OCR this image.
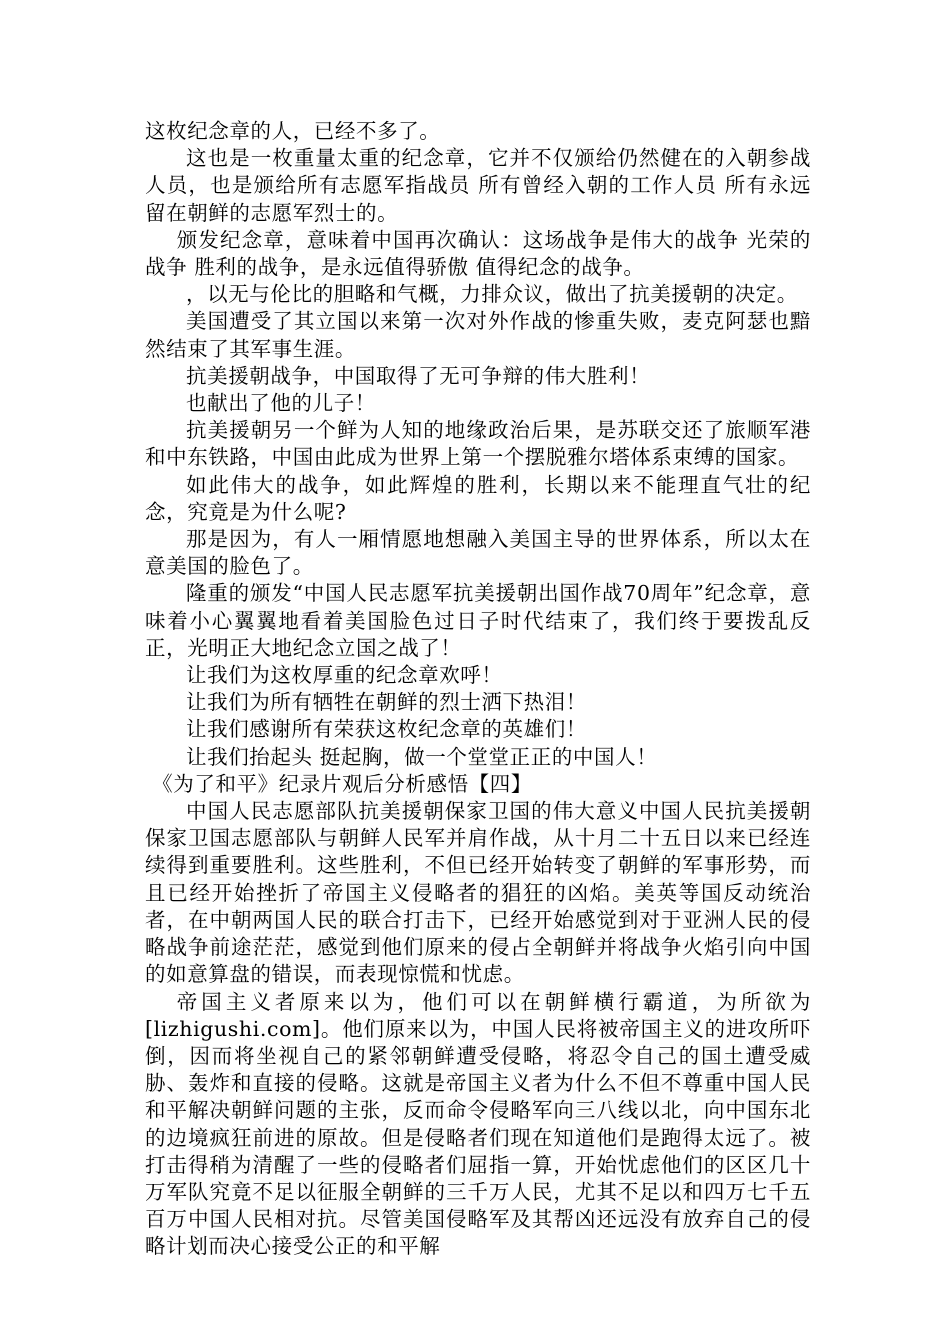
这枚纪念章的人，已经不多了。

这也是一枚重量太重的纪念章，它并不仅颁给仍然健在的入朝参战人员，也是颁给所有志愿军指战员 所有曾经入朝的工作人员 所有永远留在朝鲜的志愿军烈士的。

颁发纪念章，意味着中国再次确认：这场战争是伟大的战争 光荣的战争 胜利的战争，是永远值得骄傲 值得纪念的战争。

，以无与伦比的胆略和气概，力排众议，做出了抗美援朝的决定。

美国遭受了其立国以来第一次对外作战的惨重失败，麦克阿瑟也黯然结束了其军事生涯。

抗美援朝战争，中国取得了无可争辩的伟大胜利！

也献出了他的儿子！

抗美援朝另一个鲜为人知的地缘政治后果，是苏联交还了旅顺军港和中东铁路，中国由此成为世界上第一个摆脱雅尔塔体系束缚的国家。

如此伟大的战争，如此辉煌的胜利，长期以来不能理直气壮的纪念，究竟是为什么呢?

那是因为，有人一厢情愿地想融入美国主导的世界体系，所以太在意美国的脸色了。

隆重的颁发“中国人民志愿军抗美援朝出国作战70周年”纪念章，意味着小心翼翼地看着美国脸色过日子时代结束了，我们终于要拨乱反正，光明正大地纪念立国之战了！

让我们为这枚厚重的纪念章欢呼！

让我们为所有牺牲在朝鲜的烈士洒下热泪！

让我们感谢所有荣获这枚纪念章的英雄们！

让我们抬起头 挺起胸，做一个堂堂正正的中国人！

《为了和平》纪录片观后分析感悟【四】

中国人民志愿部队抗美援朝保家卫国的伟大意义中国人民抗美援朝保家卫国志愿部队与朝鲜人民军并肩作战，从十月二十五日以来已经连续得到重要胜利。这些胜利，不但已经开始转变了朝鲜的军事形势，而且已经开始挫折了帝国主义侵略者的猖狂的凶焰。美英等国反动统治者，在中朝两国人民的联合打击下，已经开始感觉到对于亚洲人民的侵略战争前途茫茫，感觉到他们原来的侵占全朝鲜并将战争火焰引向中国的如意算盘的错误，而表现惊慌和忧虑。

帝国主义者原来以为，他们可以在朝鲜横行霸道，为所欲为[lizhigushi.com]。他们原来以为，中国人民将被帝国主义的进攻所吓倒，因而将坐视自己的紧邻朝鲜遭受侵略，将忍令自己的国土遭受威胁、轰炸和直接的侵略。这就是帝国主义者为什么不但不尊重中国人民和平解决朝鲜问题的主张，反而命令侵略军向三八线以北，向中国东北的边境疯狂前进的原故。但是侵略者们现在知道他们是跑得太远了。被打击得稍为清醒了一些的侵略者们屈指一算，开始忧虑他们的区区几十万军队究竟不足以征服全朝鲜的三千万人民，尤其不足以和四万七千五百万中国人民相对抗。尽管美国侵略军及其帮凶还远没有放弃自己的侵略计划而决心接受公正的和平解
